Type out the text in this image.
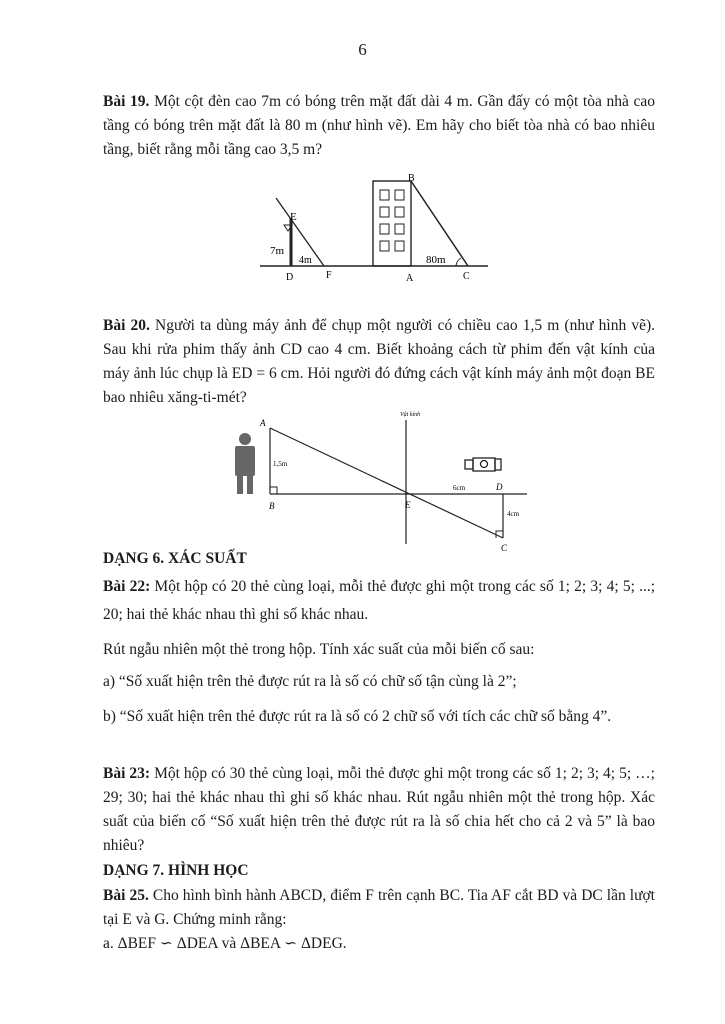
6
Bài 19. Một cột đèn cao 7m có bóng trên mặt đất dài 4 m. Gần đấy có một tòa nhà cao tầng có bóng trên mặt đất là 80 m (như hình vẽ). Em hãy cho biết tòa nhà có bao nhiêu tầng, biết rằng mỗi tầng cao 3,5 m?
E
7m
4m
D	F
B
80m
A	C
Bài 20. Người ta dùng máy ảnh để chụp một người có chiều cao 1,5 m (như hình vẽ). Sau khi rửa phim thấy ảnh CD cao 4 cm. Biết khoảng cách từ phim đến vật kính của máy ảnh lúc chụp là ED = 6 cm. Hỏi người đó đứng cách vật kính máy ảnh một đoạn BE bao nhiêu xăng-ti-mét?
Vật kính
A
1,5m
B	E
6cm	D
4cm
C
DẠNG 6. XÁC SUẤT
Bài 22: Một hộp có 20 thẻ cùng loại, mỗi thẻ được ghi một trong các số 1; 2; 3; 4; 5; ...; 20; hai thẻ khác nhau thì ghi số khác nhau.
Rút ngẫu nhiên một thẻ trong hộp. Tính xác suất của mỗi biến cố sau:
a) “Số xuất hiện trên thẻ được rút ra là số có chữ số tận cùng là 2”;
b) “Số xuất hiện trên thẻ được rút ra là số có 2 chữ số với tích các chữ số bằng 4”.
Bài 23: Một hộp có 30 thẻ cùng loại, mỗi thẻ được ghi một trong các số 1; 2; 3; 4; 5; …; 29; 30; hai thẻ khác nhau thì ghi số khác nhau. Rút ngẫu nhiên một thẻ trong hộp. Xác suất của biến cố “Số xuất hiện trên thẻ được rút ra là số chia hết cho cả 2 và 5” là bao nhiêu?
DẠNG 7. HÌNH HỌC
Bài 25. Cho hình bình hành ABCD, điểm F trên cạnh BC. Tia AF cắt BD và DC lần lượt tại E và G. Chứng minh rằng:
a. ΔBEF ∽ ΔDEA và ΔBEA ∽ ΔDEG.
